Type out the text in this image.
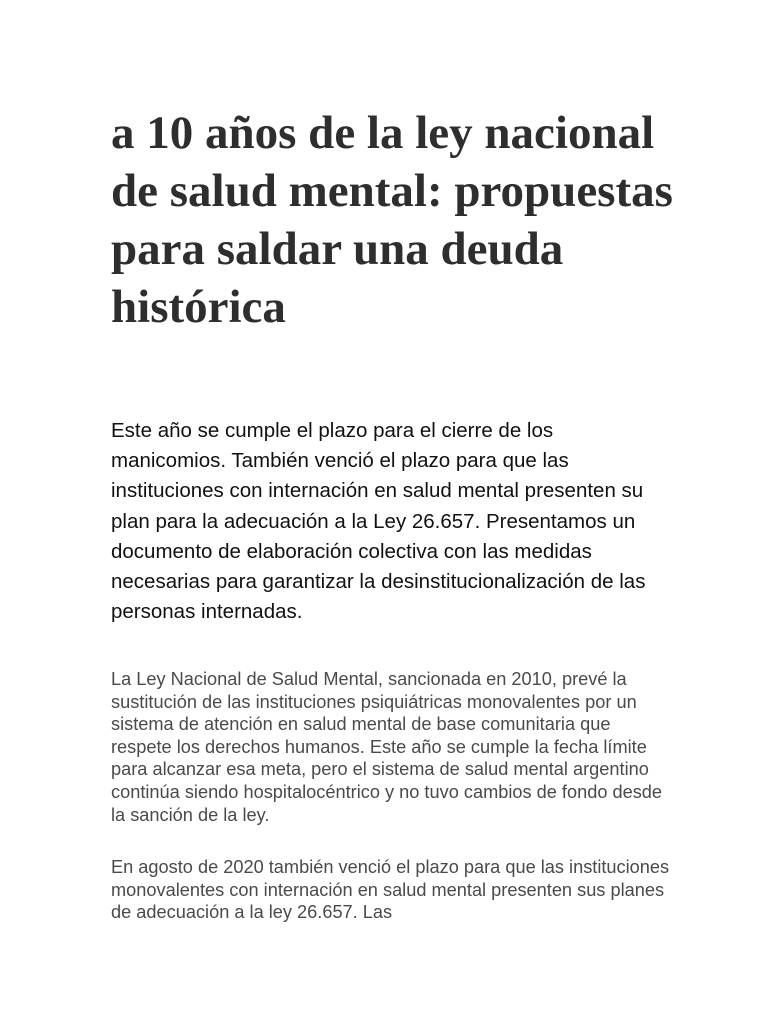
a 10 años de la ley nacional de salud mental: propuestas para saldar una deuda histórica

Este año se cumple el plazo para el cierre de los manicomios. También venció el plazo para que las instituciones con internación en salud mental presenten su plan para la adecuación a la Ley 26.657. Presentamos un documento de elaboración colectiva con las medidas necesarias para garantizar la desinstitucionalización de las personas internadas.

La Ley Nacional de Salud Mental, sancionada en 2010, prevé la sustitución de las instituciones psiquiátricas monovalentes por un sistema de atención en salud mental de base comunitaria que respete los derechos humanos. Este año se cumple la fecha límite para alcanzar esa meta, pero el sistema de salud mental argentino continúa siendo hospitalocéntrico y no tuvo cambios de fondo desde la sanción de la ley.

En agosto de 2020 también venció el plazo para que las instituciones monovalentes con internación en salud mental presenten sus planes de adecuación a la ley 26.657. Las
